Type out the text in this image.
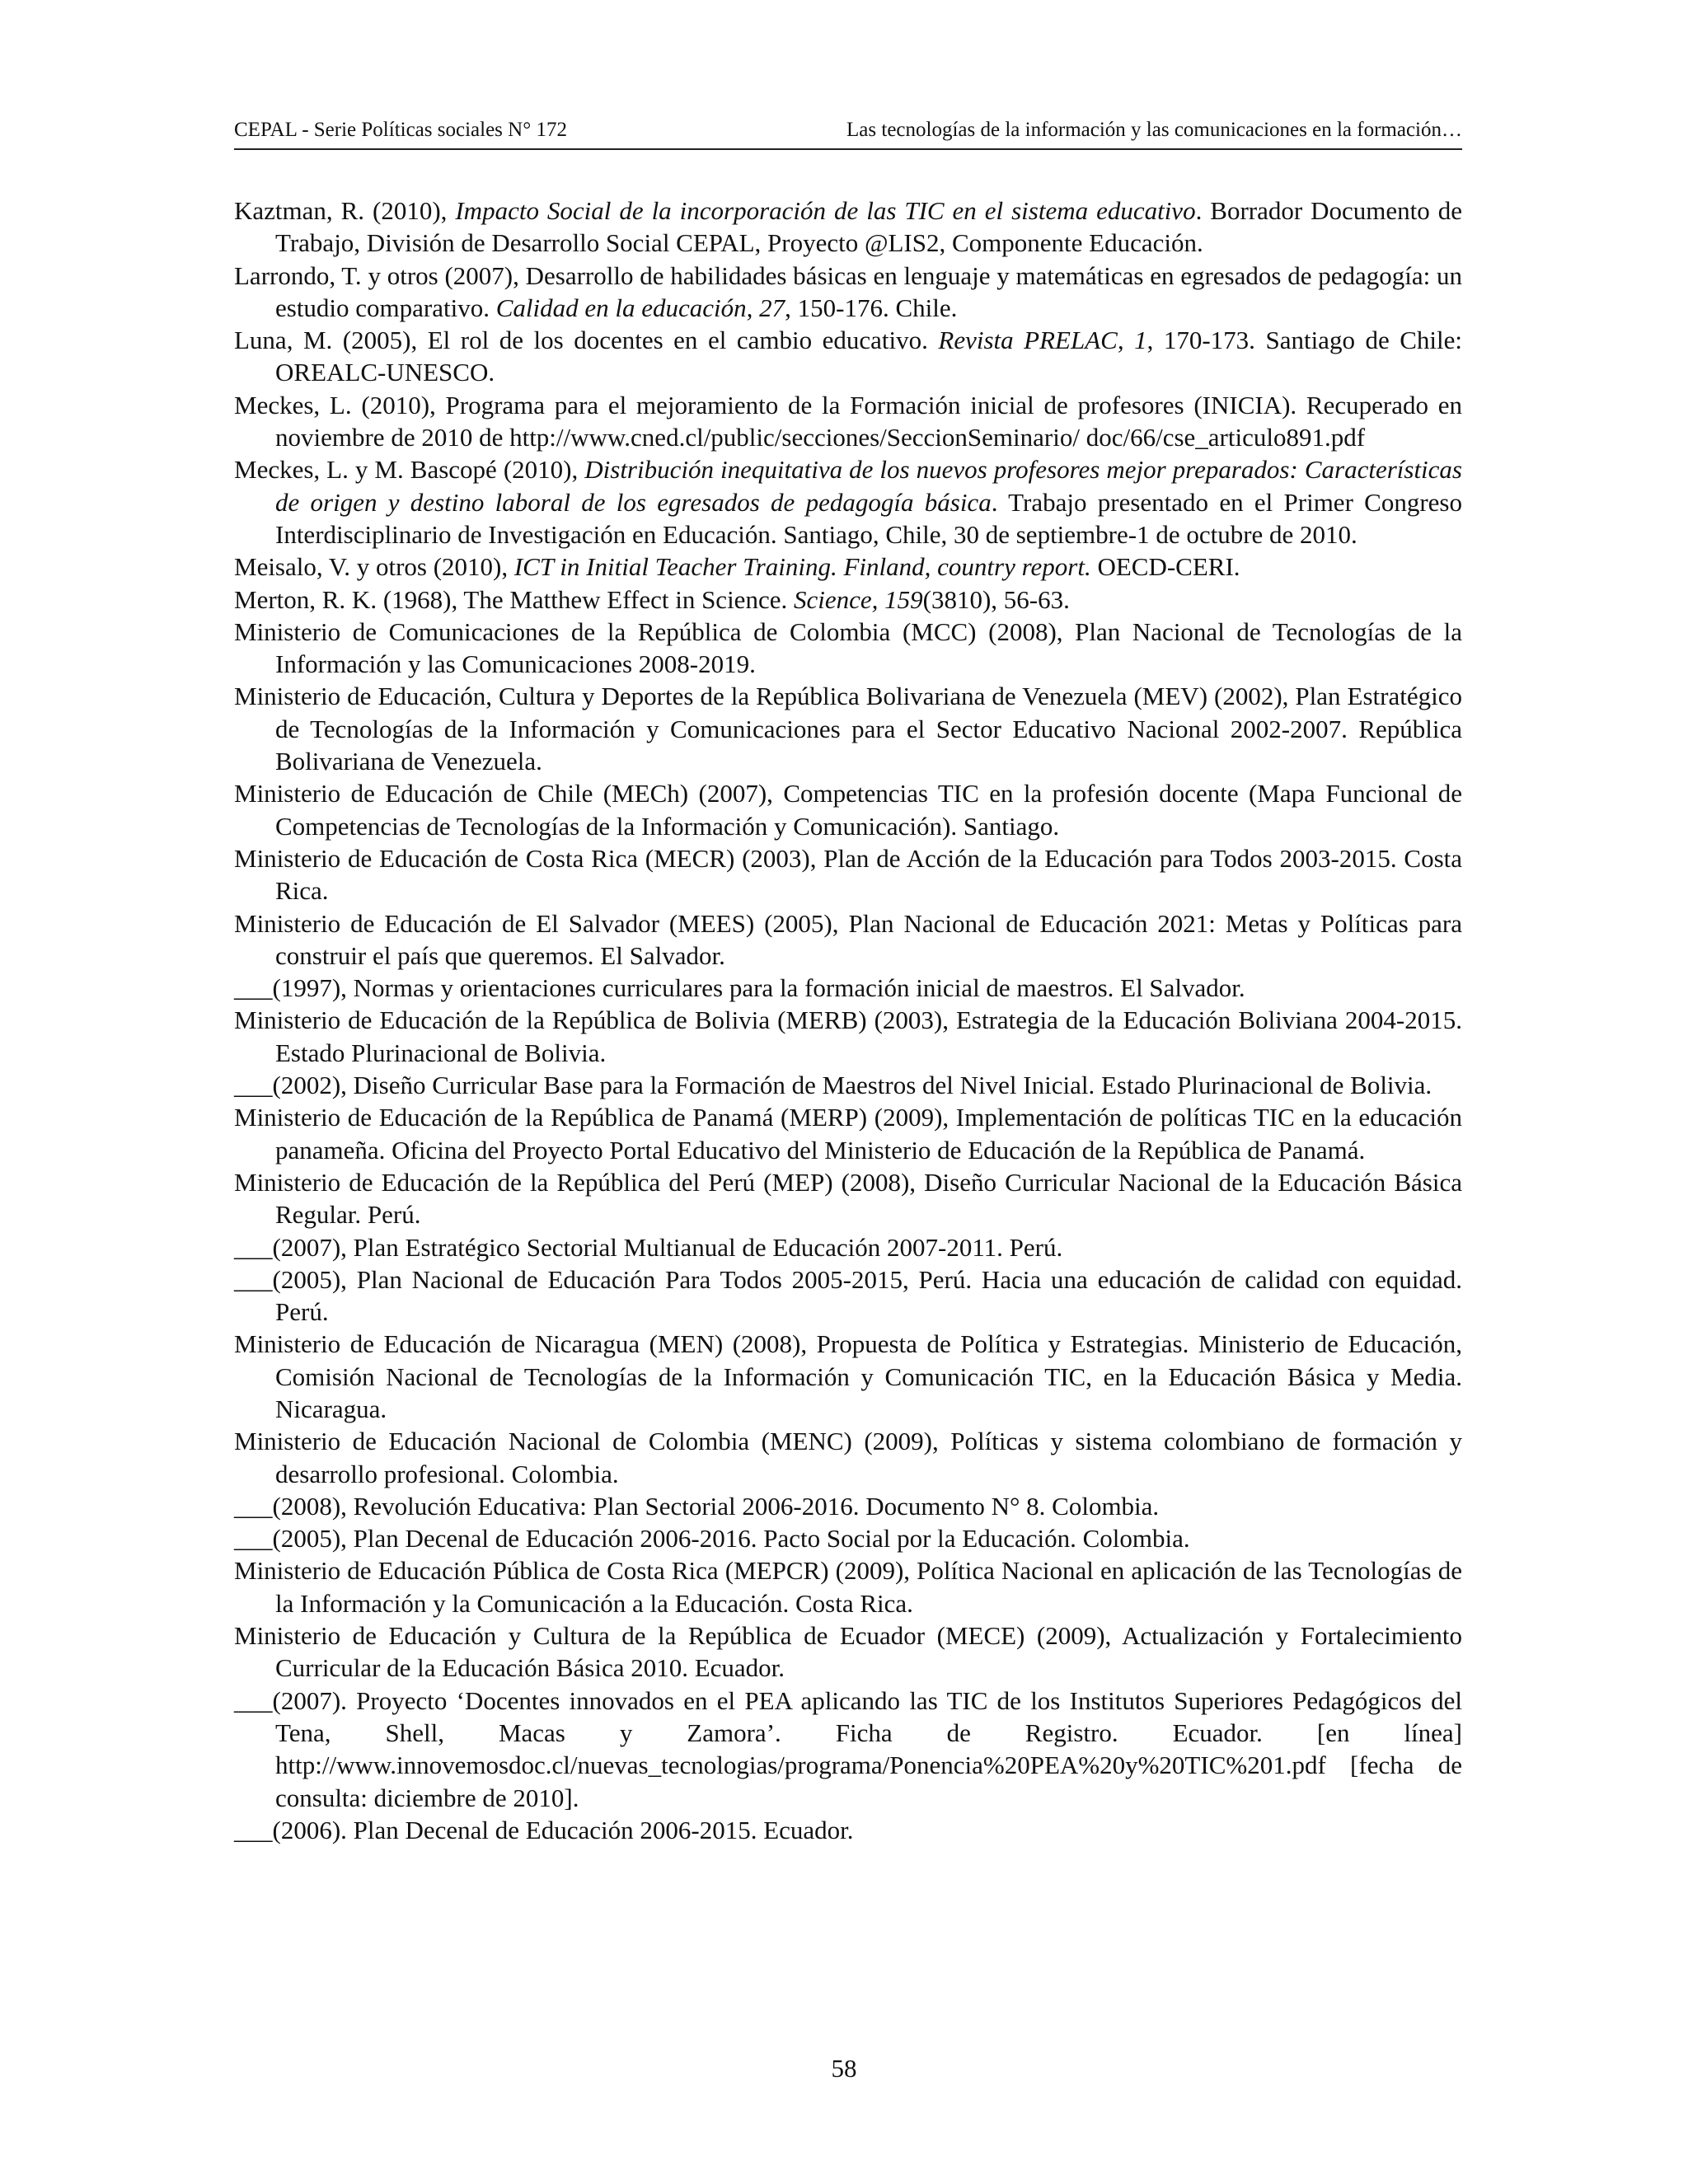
CEPAL - Serie Políticas sociales N° 172	Las tecnologías de la información y las comunicaciones en la formación…

Kaztman, R. (2010), Impacto Social de la incorporación de las TIC en el sistema educativo. Borrador Documento de Trabajo, División de Desarrollo Social CEPAL, Proyecto @LIS2, Componente Educación.

Larrondo, T. y otros (2007), Desarrollo de habilidades básicas en lenguaje y matemáticas en egresados de pedagogía: un estudio comparativo. Calidad en la educación, 27, 150-176. Chile.

Luna, M. (2005), El rol de los docentes en el cambio educativo. Revista PRELAC, 1, 170-173. Santiago de Chile: OREALC-UNESCO.

Meckes, L. (2010), Programa para el mejoramiento de la Formación inicial de profesores (INICIA). Recuperado en noviembre de 2010 de http://www.cned.cl/public/secciones/SeccionSeminario/ doc/66/cse_articulo891.pdf

Meckes, L. y M. Bascopé (2010), Distribución inequitativa de los nuevos profesores mejor preparados: Características de origen y destino laboral de los egresados de pedagogía básica. Trabajo presentado en el Primer Congreso Interdisciplinario de Investigación en Educación. Santiago, Chile, 30 de septiembre-1 de octubre de 2010.

Meisalo, V. y otros (2010), ICT in Initial Teacher Training. Finland, country report. OECD-CERI.

Merton, R. K. (1968), The Matthew Effect in Science. Science, 159(3810), 56-63.

Ministerio de Comunicaciones de la República de Colombia (MCC) (2008), Plan Nacional de Tecnologías de la Información y las Comunicaciones 2008-2019.

Ministerio de Educación, Cultura y Deportes de la República Bolivariana de Venezuela (MEV) (2002), Plan Estratégico de Tecnologías de la Información y Comunicaciones para el Sector Educativo Nacional 2002-2007. República Bolivariana de Venezuela.

Ministerio de Educación de Chile (MECh) (2007), Competencias TIC en la profesión docente (Mapa Funcional de Competencias de Tecnologías de la Información y Comunicación). Santiago.

Ministerio de Educación de Costa Rica (MECR) (2003), Plan de Acción de la Educación para Todos 2003-2015. Costa Rica.

Ministerio de Educación de El Salvador (MEES) (2005), Plan Nacional de Educación 2021: Metas y Políticas para construir el país que queremos. El Salvador.

___(1997), Normas y orientaciones curriculares para la formación inicial de maestros. El Salvador.

Ministerio de Educación de la República de Bolivia (MERB) (2003), Estrategia de la Educación Boliviana 2004-2015. Estado Plurinacional de Bolivia.

___(2002), Diseño Curricular Base para la Formación de Maestros del Nivel Inicial. Estado Plurinacional de Bolivia.

Ministerio de Educación de la República de Panamá (MERP) (2009), Implementación de políticas TIC en la educación panameña. Oficina del Proyecto Portal Educativo del Ministerio de Educación de la República de Panamá.

Ministerio de Educación de la República del Perú (MEP) (2008), Diseño Curricular Nacional de la Educación Básica Regular. Perú.

___(2007), Plan Estratégico Sectorial Multianual de Educación 2007-2011. Perú.

___(2005), Plan Nacional de Educación Para Todos 2005-2015, Perú. Hacia una educación de calidad con equidad. Perú.

Ministerio de Educación de Nicaragua (MEN) (2008), Propuesta de Política y Estrategias. Ministerio de Educación, Comisión Nacional de Tecnologías de la Información y Comunicación TIC, en la Educación Básica y Media. Nicaragua.

Ministerio de Educación Nacional de Colombia (MENC) (2009), Políticas y sistema colombiano de formación y desarrollo profesional. Colombia.

___(2008), Revolución Educativa: Plan Sectorial 2006-2016. Documento N° 8. Colombia.

___(2005), Plan Decenal de Educación 2006-2016. Pacto Social por la Educación. Colombia.

Ministerio de Educación Pública de Costa Rica (MEPCR) (2009), Política Nacional en aplicación de las Tecnologías de la Información y la Comunicación a la Educación. Costa Rica.

Ministerio de Educación y Cultura de la República de Ecuador (MECE) (2009), Actualización y Fortalecimiento Curricular de la Educación Básica 2010. Ecuador.

___(2007). Proyecto ‘Docentes innovados en el PEA aplicando las TIC de los Institutos Superiores Pedagógicos del Tena, Shell, Macas y Zamora’. Ficha de Registro. Ecuador. [en línea] http://www.innovemosdoc.cl/nuevas_tecnologias/programa/Ponencia%20PEA%20y%20TIC%201.pdf [fecha de consulta: diciembre de 2010].

___(2006). Plan Decenal de Educación 2006-2015. Ecuador.

58
